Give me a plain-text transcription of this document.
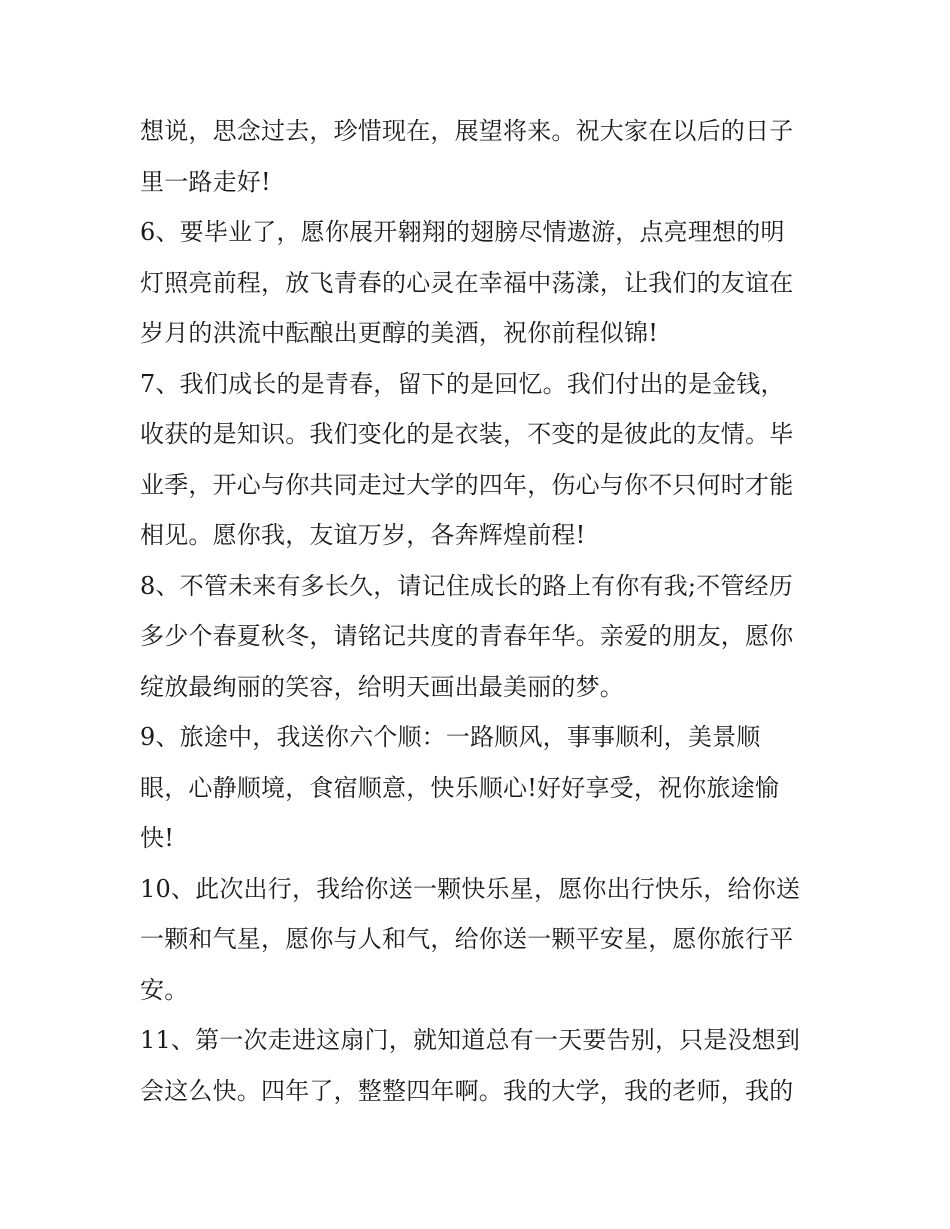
想说，思念过去，珍惜现在，展望将来。祝大家在以后的日子
里一路走好!
6、要毕业了，愿你展开翱翔的翅膀尽情遨游，点亮理想的明
灯照亮前程，放飞青春的心灵在幸福中荡漾，让我们的友谊在
岁月的洪流中酝酿出更醇的美酒，祝你前程似锦!
7、我们成长的是青春，留下的是回忆。我们付出的是金钱，
收获的是知识。我们变化的是衣装，不变的是彼此的友情。毕
业季，开心与你共同走过大学的四年，伤心与你不只何时才能
相见。愿你我，友谊万岁，各奔辉煌前程!
8、不管未来有多长久，请记住成长的路上有你有我;不管经历
多少个春夏秋冬，请铭记共度的青春年华。亲爱的朋友，愿你
绽放最绚丽的笑容，给明天画出最美丽的梦。
9、旅途中，我送你六个顺：一路顺风，事事顺利，美景顺
眼，心静顺境，食宿顺意，快乐顺心!好好享受，祝你旅途愉
快!
10、此次出行，我给你送一颗快乐星，愿你出行快乐，给你送
一颗和气星，愿你与人和气，给你送一颗平安星，愿你旅行平
安。
11、第一次走进这扇门，就知道总有一天要告别，只是没想到
会这么快。四年了，整整四年啊。我的大学，我的老师，我的
